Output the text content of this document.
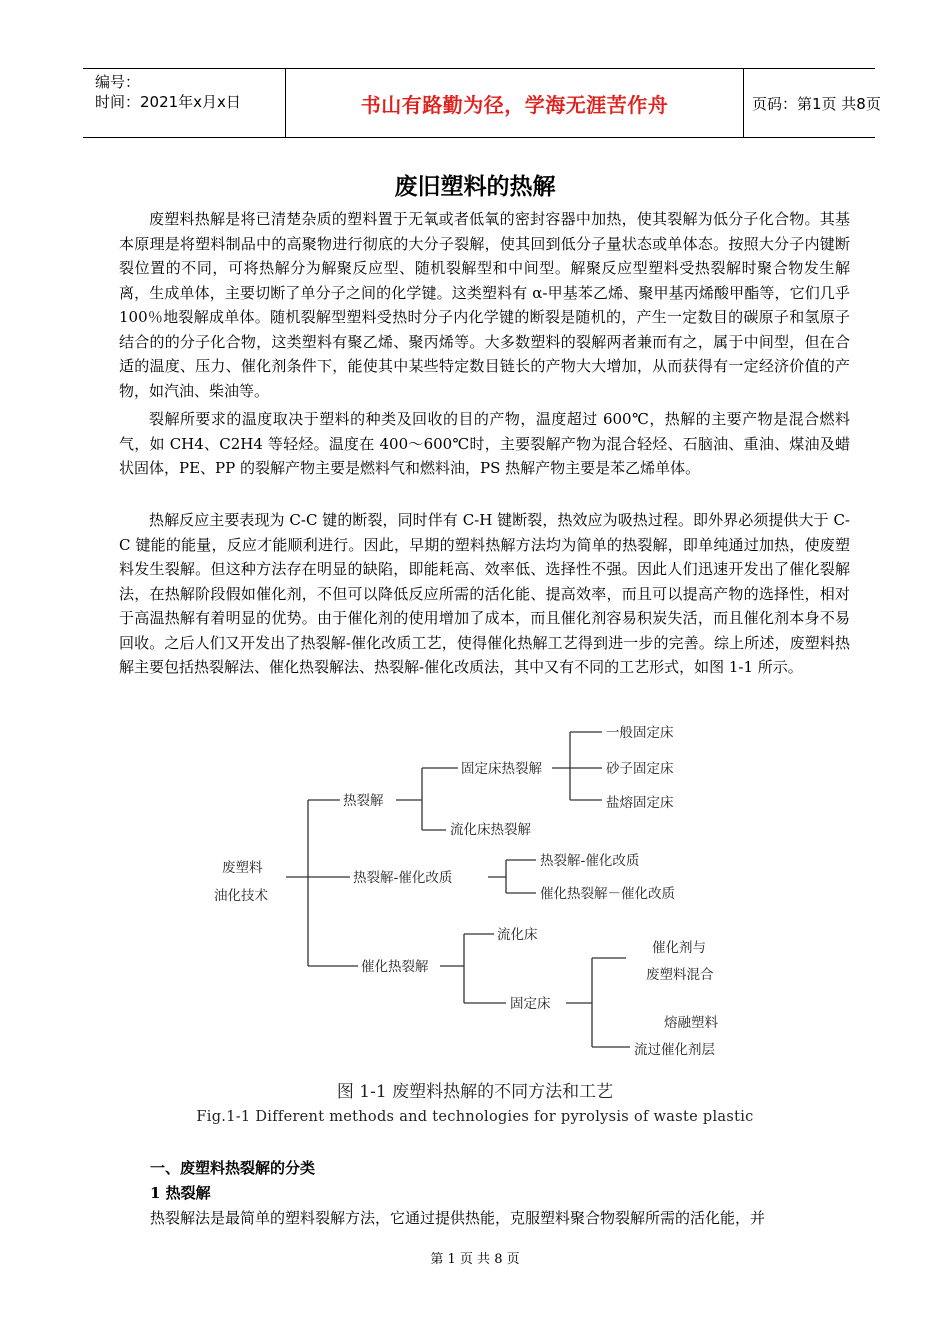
编号：
时间：2021年x月x日	书山有路勤为径，学海无涯苦作舟	页码：第1页 共8页
废旧塑料的热解

废塑料热解是将已清楚杂质的塑料置于无氧或者低氧的密封容器中加热，使其裂解为低分子化合物。其基本原理是将塑料制品中的高聚物进行彻底的大分子裂解，使其回到低分子量状态或单体态。按照大分子内键断裂位置的不同，可将热解分为解聚反应型、随机裂解型和中间型。解聚反应型塑料受热裂解时聚合物发生解离，生成单体，主要切断了单分子之间的化学键。这类塑料有 α-甲基苯乙烯、聚甲基丙烯酸甲酯等，它们几乎 100％地裂解成单体。随机裂解型塑料受热时分子内化学键的断裂是随机的，产生一定数目的碳原子和氢原子结合的的分子化合物，这类塑料有聚乙烯、聚丙烯等。大多数塑料的裂解两者兼而有之，属于中间型，但在合适的温度、压力、催化剂条件下，能使其中某些特定数目链长的产物大大增加，从而获得有一定经济价值的产物，如汽油、柴油等。

裂解所要求的温度取决于塑料的种类及回收的目的产物，温度超过 600℃，热解的主要产物是混合燃料气，如 CH4、C2H4 等轻烃。温度在 400～600℃时，主要裂解产物为混合轻烃、石脑油、重油、煤油及蜡状固体，PE、PP 的裂解产物主要是燃料气和燃料油，PS 热解产物主要是苯乙烯单体。

热解反应主要表现为 C-C 键的断裂，同时伴有 C-H 键断裂，热效应为吸热过程。即外界必须提供大于 C-C 键能的能量，反应才能顺利进行。因此，早期的塑料热解方法均为简单的热裂解，即单纯通过加热，使废塑料发生裂解。但这种方法存在明显的缺陷，即能耗高、效率低、选择性不强。因此人们迅速开发出了催化裂解法，在热解阶段假如催化剂，不但可以降低反应所需的活化能、提高效率，而且可以提高产物的选择性，相对于高温热解有着明显的优势。由于催化剂的使用增加了成本，而且催化剂容易积炭失活，而且催化剂本身不易回收。之后人们又开发出了热裂解-催化改质工艺，使得催化热解工艺得到进一步的完善。综上所述，废塑料热解主要包括热裂解法、催化热裂解法、热裂解-催化改质法，其中又有不同的工艺形式，如图 1-1 所示。

废塑料
油化技术
热裂解
固定床热裂解
一般固定床
砂子固定床
盐熔固定床
流化床热裂解
热裂解-催化改质
热裂解-催化改质
催化热裂解－催化改质
催化热裂解
流化床
固定床
催化剂与
废塑料混合
熔融塑料
流过催化剂层
图 1-1 废塑料热解的不同方法和工艺
Fig.1-1 Different methods and technologies for pyrolysis of waste plastic
一、废塑料热裂解的分类
1 热裂解
热裂解法是最简单的塑料裂解方法，它通过提供热能，克服塑料聚合物裂解所需的活化能，并
第 1 页 共 8 页
